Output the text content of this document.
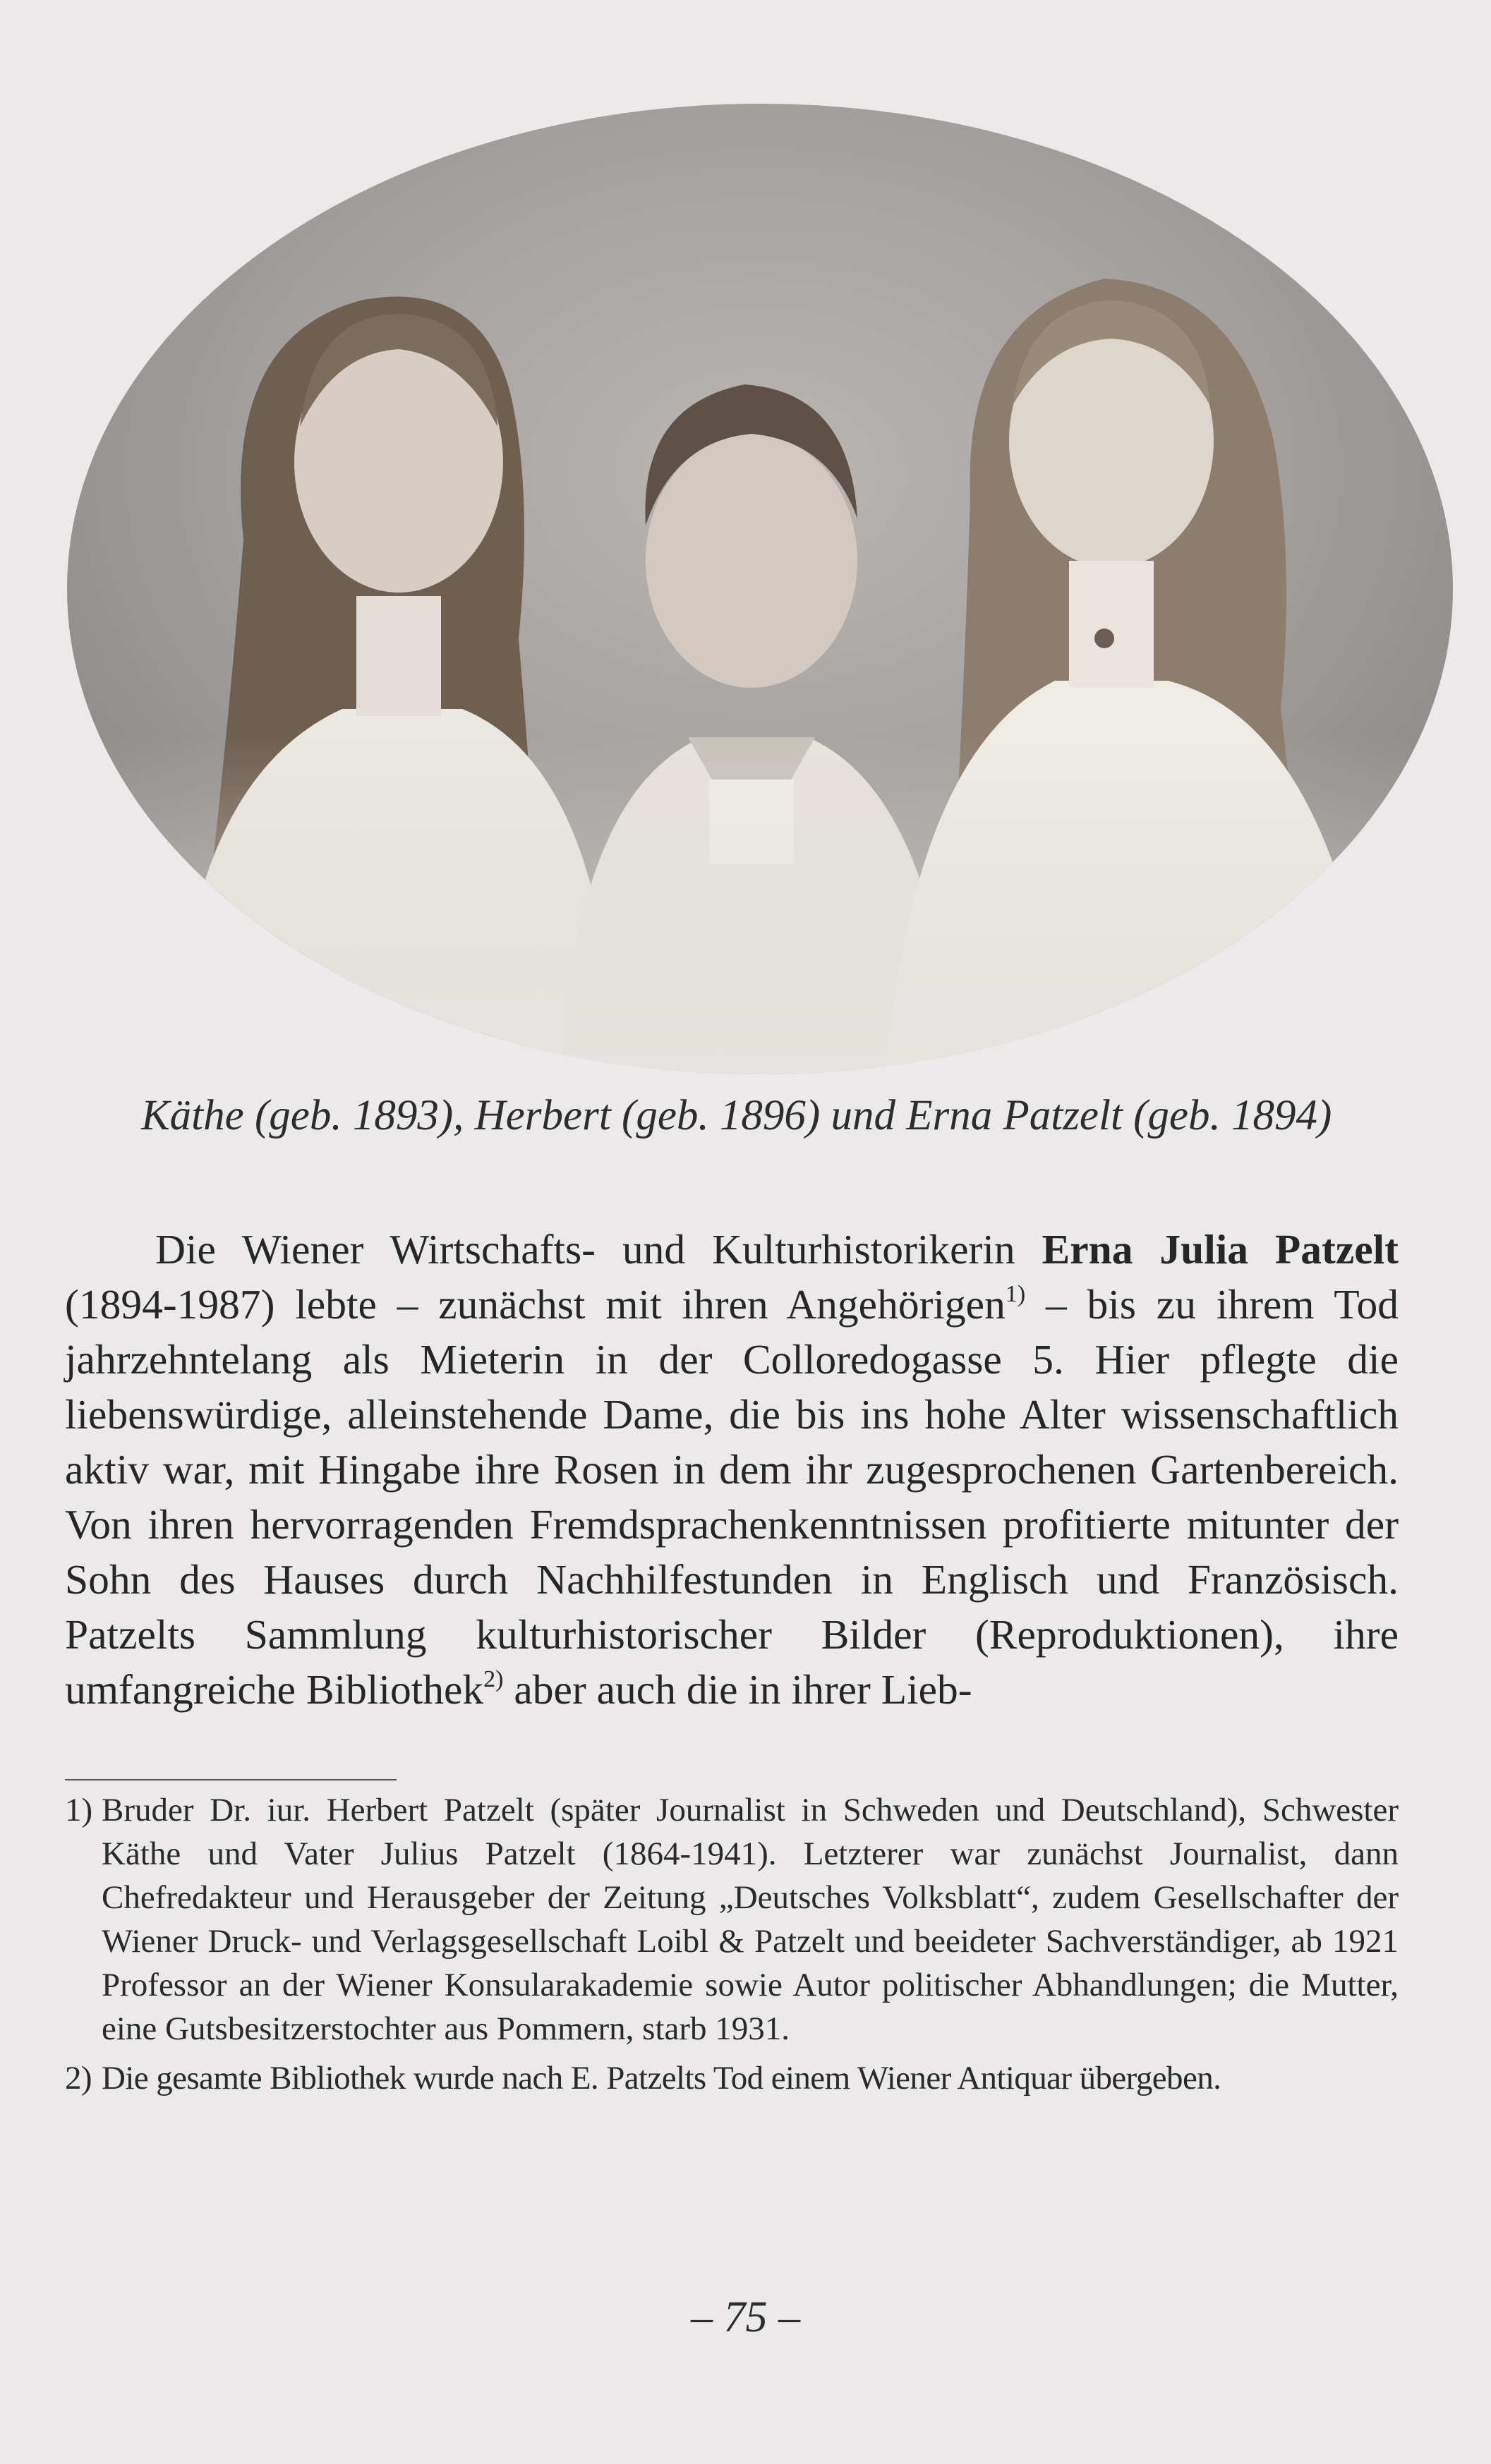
Käthe (geb. 1893), Herbert (geb. 1896) und Erna Patzelt (geb. 1894)

Die Wiener Wirtschafts- und Kulturhistorikerin Erna Julia Patzelt (1894-1987) lebte – zunächst mit ihren Angehörigen$^{1)}$ – bis zu ihrem Tod jahrzehntelang als Mieterin in der Colloredogasse 5. Hier pflegte die liebenswürdige, alleinstehende Dame, die bis ins hohe Alter wissenschaftlich aktiv war, mit Hingabe ihre Rosen in dem ihr zugesprochenen Gartenbereich. Von ihren hervorragenden Fremdsprachenkenntnissen profitierte mitunter der Sohn des Hauses durch Nachhilfestunden in Englisch und Französisch. Patzelts Sammlung kulturhistorischer Bilder (Reproduktionen), ihre umfangreiche Bibliothek$^{2)}$ aber auch die in ihrer Lieb-

1) Bruder Dr. iur. Herbert Patzelt (später Journalist in Schweden und Deutschland), Schwester Käthe und Vater Julius Patzelt (1864-1941). Letzterer war zunächst Journalist, dann Chefredakteur und Herausgeber der Zeitung „Deutsches Volksblatt“, zudem Gesellschafter der Wiener Druck- und Verlagsgesellschaft Loibl & Patzelt und beeideter Sachverständiger, ab 1921 Professor an der Wiener Konsularakademie sowie Autor politischer Abhandlungen; die Mutter, eine Gutsbesitzerstochter aus Pommern, starb 1931.
2) Die gesamte Bibliothek wurde nach E. Patzelts Tod einem Wiener Antiquar übergeben.
– 75 –
